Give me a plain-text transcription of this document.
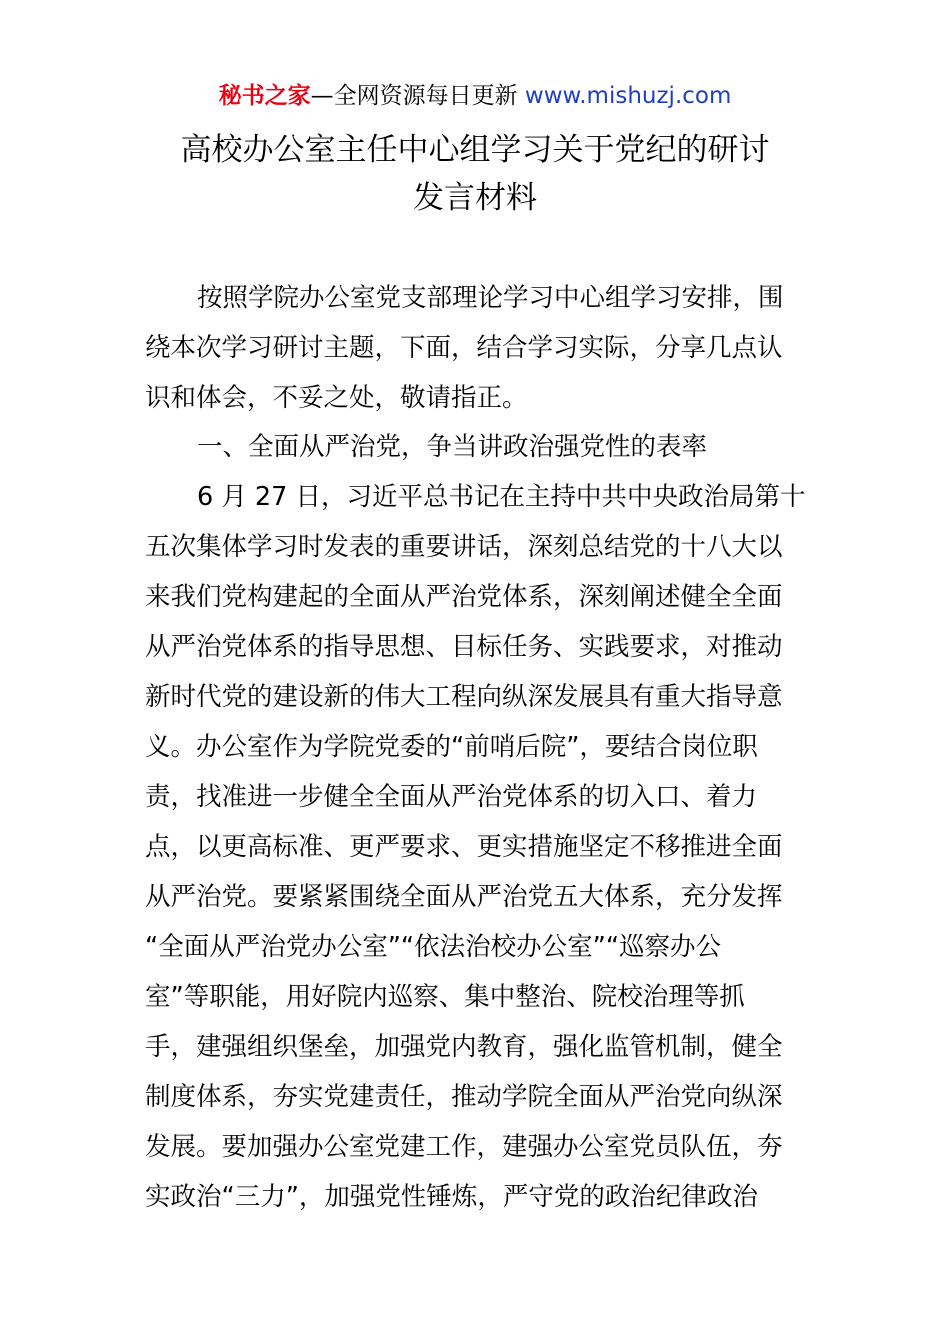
秘书之家—全网资源每日更新 www.mishuzj.com
高校办公室主任中心组学习关于党纪的研讨
发言材料
按照学院办公室党支部理论学习中心组学习安排，围
绕本次学习研讨主题，下面，结合学习实际，分享几点认
识和体会，不妥之处，敬请指正。
一、全面从严治党，争当讲政治强党性的表率
6 月 27 日，习近平总书记在主持中共中央政治局第十
五次集体学习时发表的重要讲话，深刻总结党的十八大以
来我们党构建起的全面从严治党体系，深刻阐述健全全面
从严治党体系的指导思想、目标任务、实践要求，对推动
新时代党的建设新的伟大工程向纵深发展具有重大指导意
义。办公室作为学院党委的“前哨后院”，要结合岗位职
责，找准进一步健全全面从严治党体系的切入口、着力
点，以更高标准、更严要求、更实措施坚定不移推进全面
从严治党。要紧紧围绕全面从严治党五大体系，充分发挥
“全面从严治党办公室”“依法治校办公室”“巡察办公
室”等职能，用好院内巡察、集中整治、院校治理等抓
手，建强组织堡垒，加强党内教育，强化监管机制，健全
制度体系，夯实党建责任，推动学院全面从严治党向纵深
发展。要加强办公室党建工作，建强办公室党员队伍，夯
实政治“三力”，加强党性锤炼，严守党的政治纪律政治
